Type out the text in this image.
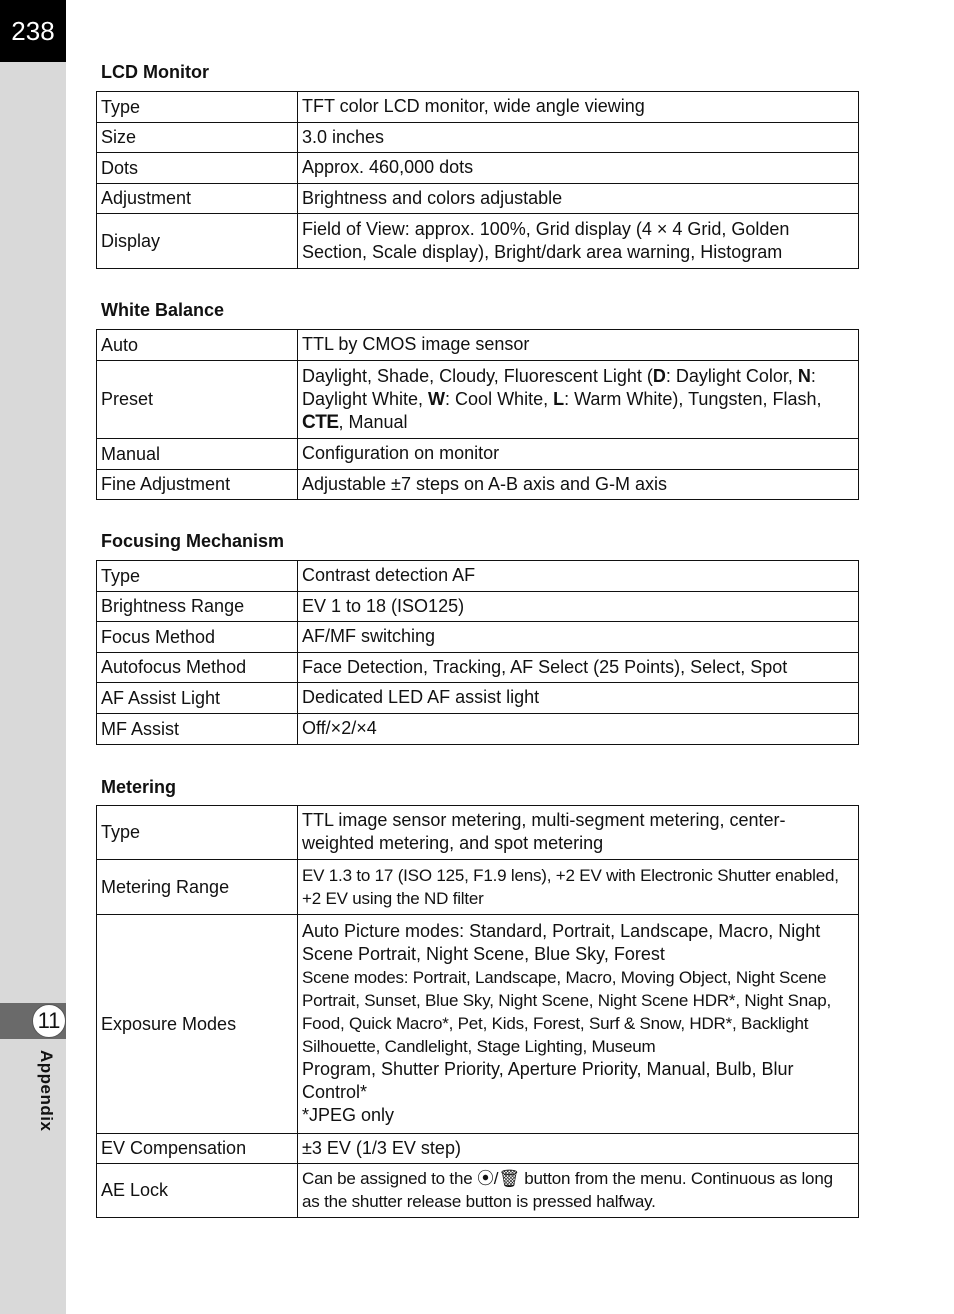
238
11
Appendix
LCD Monitor
Type	TFT color LCD monitor, wide angle viewing
Size	3.0 inches
Dots	Approx. 460,000 dots
Adjustment	Brightness and colors adjustable
Display	Field of View: approx. 100%, Grid display (4 × 4 Grid, Golden Section, Scale display), Bright/dark area warning, Histogram
White Balance
Auto	TTL by CMOS image sensor
Preset	Daylight, Shade, Cloudy, Fluorescent Light (D: Daylight Color, N: Daylight White, W: Cool White, L: Warm White), Tungsten, Flash, CTE, Manual
Manual	Configuration on monitor
Fine Adjustment	Adjustable ±7 steps on A-B axis and G-M axis
Focusing Mechanism
Type	Contrast detection AF
Brightness Range	EV 1 to 18 (ISO125)
Focus Method	AF/MF switching
Autofocus Method	Face Detection, Tracking, AF Select (25 Points), Select, Spot
AF Assist Light	Dedicated LED AF assist light
MF Assist	Off/×2/×4
Metering
Type	TTL image sensor metering, multi-segment metering, center-weighted metering, and spot metering
Metering Range	EV 1.3 to 17 (ISO 125, F1.9 lens), +2 EV with Electronic Shutter enabled, +2 EV using the ND filter
Exposure Modes	Auto Picture modes: Standard, Portrait, Landscape, Macro, Night Scene Portrait, Night Scene, Blue Sky, Forest
Scene modes: Portrait, Landscape, Macro, Moving Object, Night Scene Portrait, Sunset, Blue Sky, Night Scene, Night Scene HDR*, Night Snap, Food, Quick Macro*, Pet, Kids, Forest, Surf & Snow, HDR*, Backlight Silhouette, Candlelight, Stage Lighting, Museum
Program, Shutter Priority, Aperture Priority, Manual, Bulb, Blur Control*
*JPEG only

EV Compensation	±3 EV (1/3 EV step)
AE Lock	Can be assigned to the ⦿/🗑︎ button from the menu. Continuous as long as the shutter release button is pressed halfway.
